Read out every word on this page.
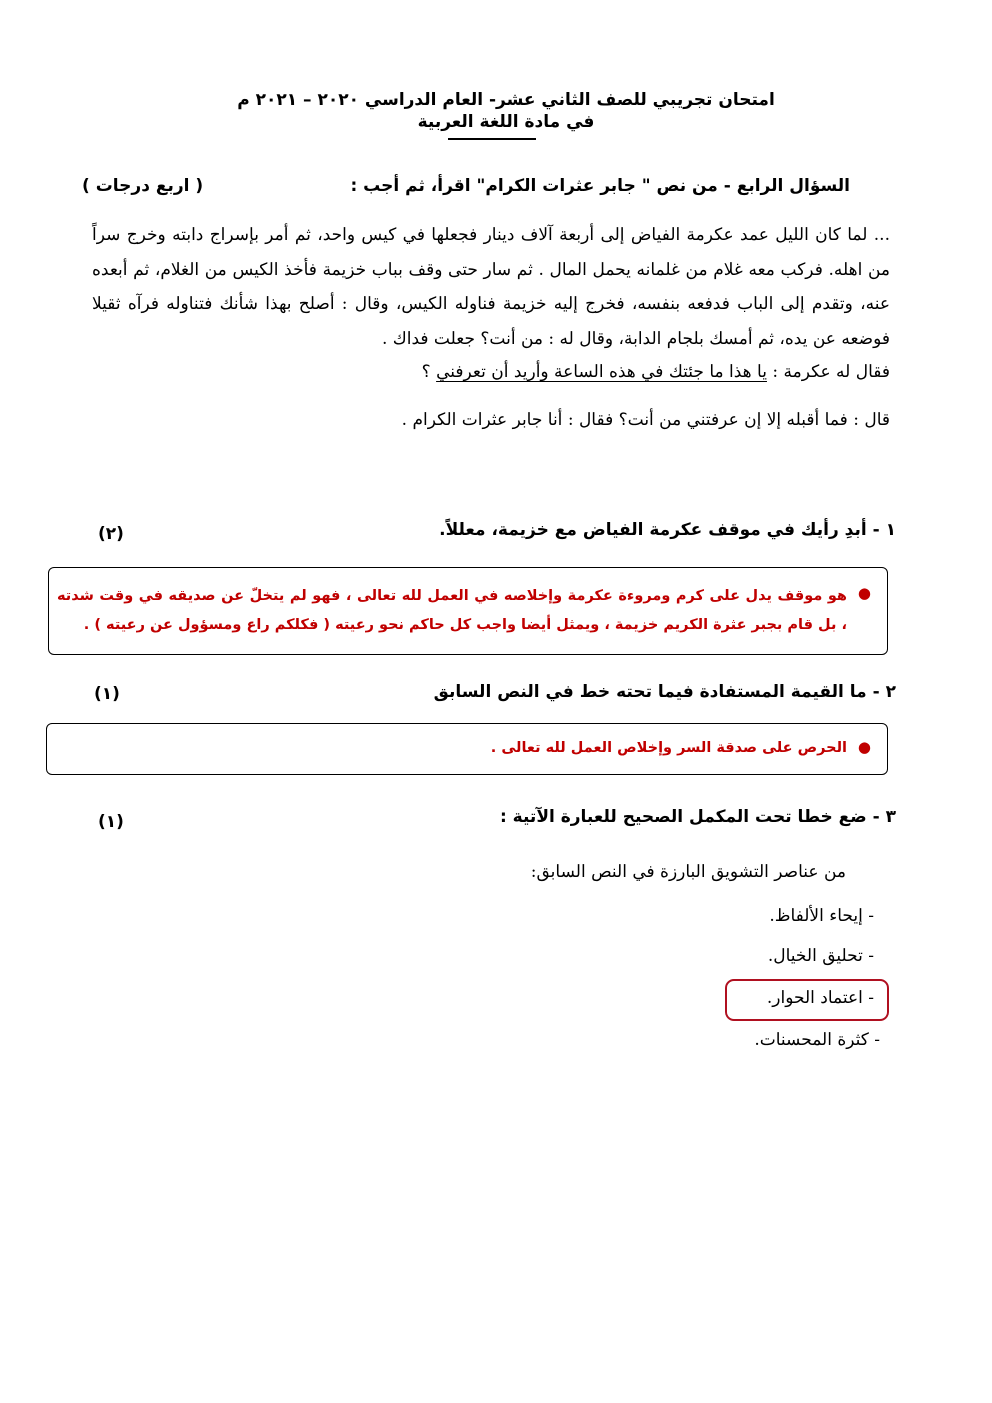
امتحان تجريبي للصف الثاني عشر- العام الدراسي ٢٠٢٠ – ٢٠٢١ م
في مادة اللغة العربية
السؤال الرابع - من نص " جابر عثرات الكرام" اقرأ، ثم أجب :
( اربع درجات )
... لما كان الليل عمد عكرمة الفياض إلى أربعة آلاف دينار فجعلها في كيس واحد، ثم أمر بإسراج دابته وخرج سراً من اهله. فركب معه غلام من غلمانه يحمل المال . ثم سار حتى وقف بباب خزيمة فأخذ الكيس من الغلام، ثم أبعده عنه، وتقدم إلى الباب فدفعه بنفسه، فخرج إليه خزيمة فناوله الكيس، وقال : أصلح بهذا شأنك فتناوله فرآه ثقيلا فوضعه عن يده، ثم أمسك بلجام الدابة، وقال له : من أنت؟ جعلت فداك .
فقال له عكرمة : يا هذا ما جئتك في هذه الساعة وأريد أن تعرفني ؟
قال : فما أقبله إلا إن عرفتني من أنت؟ فقال : أنا جابر عثرات الكرام .
١ - أبدِ رأيك في موقف عكرمة الفياض مع خزيمة، معللاً.
(٢)
●
هو موقف يدل على كرم ومروءة عكرمة وإخلاصه في العمل لله تعالى ، فهو لم يتخلّ عن صديقه في وقت شدته ، بل قام بجبر عثرة الكريم خزيمة ، ويمثل أيضا واجب كل حاكم نحو رعيته ( فكلكم راع ومسؤول عن رعيته ) .
٢ - ما القيمة المستفادة فيما تحته خط في النص السابق
(١)
●
الحرص على صدقة السر وإخلاص العمل لله تعالى .
٣ - ضع خطا تحت المكمل الصحيح للعبارة الآتية :
(١)
من عناصر التشويق البارزة في النص السابق:
- إيحاء الألفاظ.
- تحليق الخيال.
- اعتماد الحوار.
- كثرة المحسنات.
